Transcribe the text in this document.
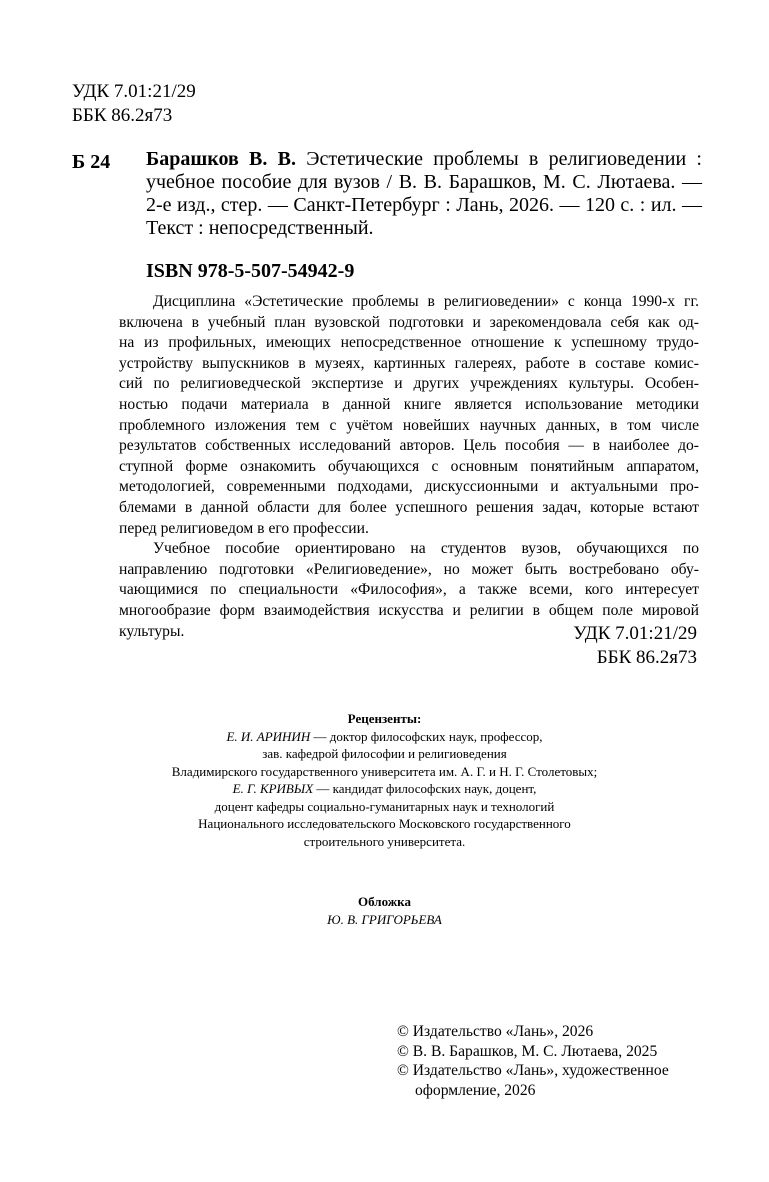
УДК 7.01:21/29
ББК 86.2я73
Б 24 Барашков В. В. Эстетические проблемы в религиоведении :
учебное пособие для вузов / В. В. Барашков, М. С. Лютаева. —
2-е изд., стер. — Санкт-Петербург : Лань, 2026. — 120 с. : ил. —
Текст : непосредственный.
ISBN 978-5-507-54942-9
Дисциплина «Эстетические проблемы в религиоведении» с конца 1990-х гг.
включена в учебный план вузовской подготовки и зарекомендовала себя как од-
на из профильных, имеющих непосредственное отношение к успешному трудо-
устройству выпускников в музеях, картинных галереях, работе в составе комис-
сий по религиоведческой экспертизе и других учреждениях культуры. Особен-
ностью подачи материала в данной книге является использование методики
проблемного изложения тем с учётом новейших научных данных, в том числе
результатов собственных исследований авторов. Цель пособия — в наиболее до-
ступной форме ознакомить обучающихся с основным понятийным аппаратом,
методологией, современными подходами, дискуссионными и актуальными про-
блемами в данной области для более успешного решения задач, которые встают
перед религиоведом в его профессии.
Учебное пособие ориентировано на студентов вузов, обучающихся по
направлению подготовки «Религиоведение», но может быть востребовано обу-
чающимися по специальности «Философия», а также всеми, кого интересует
многообразие форм взаимодействия искусства и религии в общем поле мировой
культуры.	УДК 7.01:21/29
ББК 86.2я73
Рецензенты:
Е. И. АРИНИН — доктор философских наук, профессор,
зав. кафедрой философии и религиоведения
Владимирского государственного университета им. А. Г. и Н. Г. Столетовых;
Е. Г. КРИВЫХ — кандидат философских наук, доцент,
доцент кафедры социально-гуманитарных наук и технологий
Национального исследовательского Московского государственного
строительного университета.
Обложка
Ю. В. ГРИГОРЬЕВА
© Издательство «Лань», 2026
© В. В. Барашков, М. С. Лютаева, 2025
© Издательство «Лань», художественное
оформление, 2026
